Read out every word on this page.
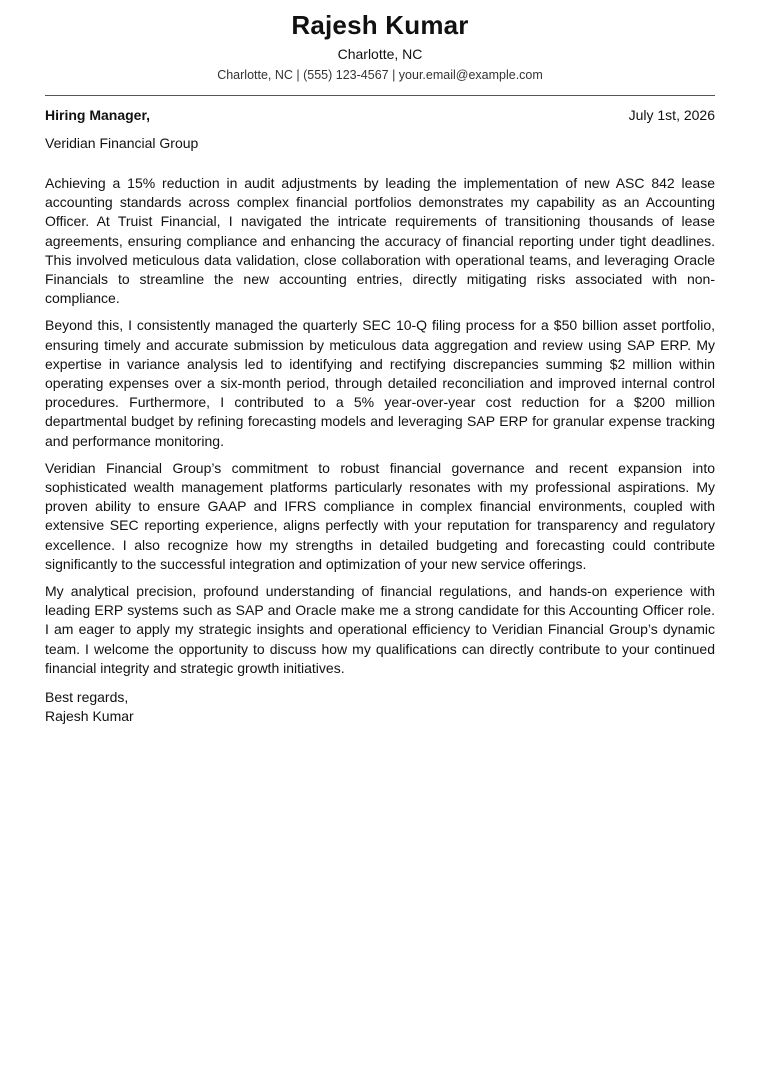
Rajesh Kumar
Charlotte, NC
Charlotte, NC | (555) 123-4567 | your.email@example.com
Hiring Manager,	July 1st, 2026
Veridian Financial Group

Achieving a 15% reduction in audit adjustments by leading the implementation of new ASC 842 lease accounting standards across complex financial portfolios demonstrates my capability as an Accounting Officer. At Truist Financial, I navigated the intricate requirements of transitioning thousands of lease agreements, ensuring compliance and enhancing the accuracy of financial reporting under tight deadlines. This involved meticulous data validation, close collaboration with operational teams, and leveraging Oracle Financials to streamline the new accounting entries, directly mitigating risks associated with non-compliance.

Beyond this, I consistently managed the quarterly SEC 10-Q filing process for a $50 billion asset portfolio, ensuring timely and accurate submission by meticulous data aggregation and review using SAP ERP. My expertise in variance analysis led to identifying and rectifying discrepancies summing $2 million within operating expenses over a six-month period, through detailed reconciliation and improved internal control procedures. Furthermore, I contributed to a 5% year-over-year cost reduction for a $200 million departmental budget by refining forecasting models and leveraging SAP ERP for granular expense tracking and performance monitoring.

Veridian Financial Group’s commitment to robust financial governance and recent expansion into sophisticated wealth management platforms particularly resonates with my professional aspirations. My proven ability to ensure GAAP and IFRS compliance in complex financial environments, coupled with extensive SEC reporting experience, aligns perfectly with your reputation for transparency and regulatory excellence. I also recognize how my strengths in detailed budgeting and forecasting could contribute significantly to the successful integration and optimization of your new service offerings.

My analytical precision, profound understanding of financial regulations, and hands-on experience with leading ERP systems such as SAP and Oracle make me a strong candidate for this Accounting Officer role. I am eager to apply my strategic insights and operational efficiency to Veridian Financial Group’s dynamic team. I welcome the opportunity to discuss how my qualifications can directly contribute to your continued financial integrity and strategic growth initiatives.

Best regards,
Rajesh Kumar
